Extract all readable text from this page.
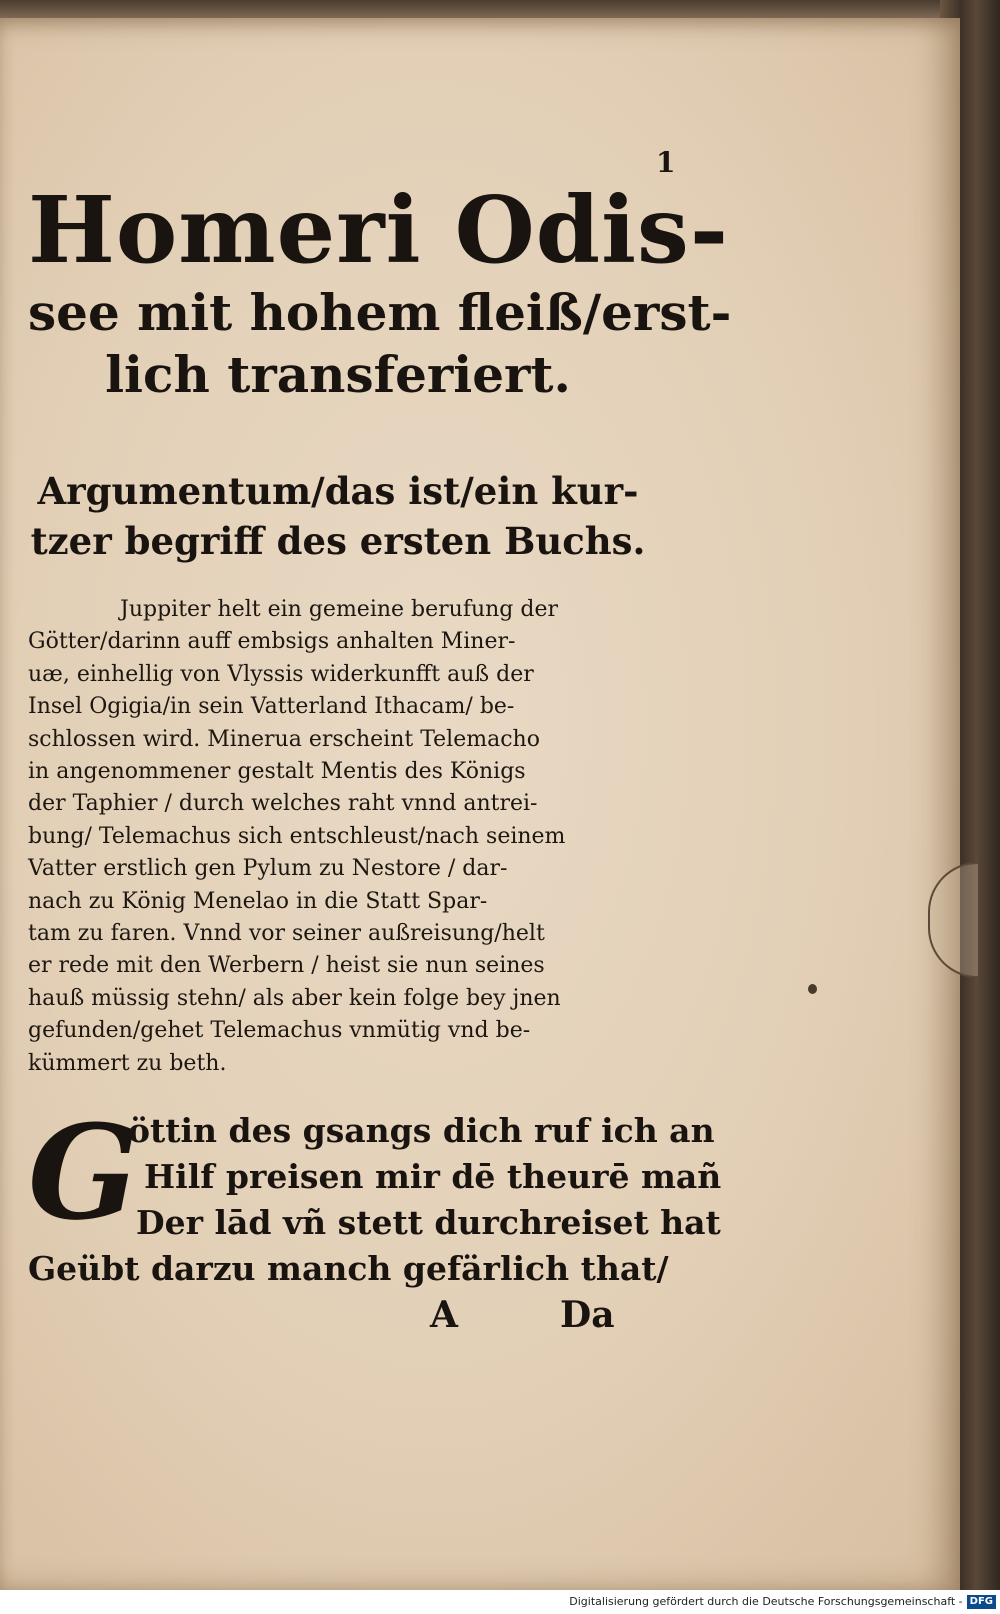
1
Homeri Odis-
see mit hohem fleiß/erst-
lich transferiert.
Argumentum/das ist/ein kur-
tzer begriff des ersten Buchs.
Juppiter helt ein gemeine berufung der
Götter/darinn auff embsigs anhalten Miner-
uæ, einhellig von Vlyssis widerkunfft auß der
Insel Ogigia/in sein Vatterland Ithacam/ be-
schlossen wird. Minerua erscheint Telemacho
in angenommener gestalt Mentis des Königs
der Taphier / durch welches raht vnnd antrei-
bung/ Telemachus sich entschleust/nach seinem
Vatter erstlich gen Pylum zu Nestore / dar-
nach zu König Menelao in die Statt Spar-
tam zu faren. Vnnd vor seiner außreisung/helt
er rede mit den Werbern / heist sie nun seines
hauß müssig stehn/ als aber kein folge bey jnen
gefunden/gehet Telemachus vnmütig vnd be-
kümmert zu beth.
G
öttin des gsangs dich ruf ich an
Hilf preisen mir dē theurē mañ
Der lād vñ stett durchreiset hat
Geübt darzu manch gefärlich that/
A	Da
Digitalisierung gefördert durch die Deutsche Forschungsgemeinschaft - DFG
